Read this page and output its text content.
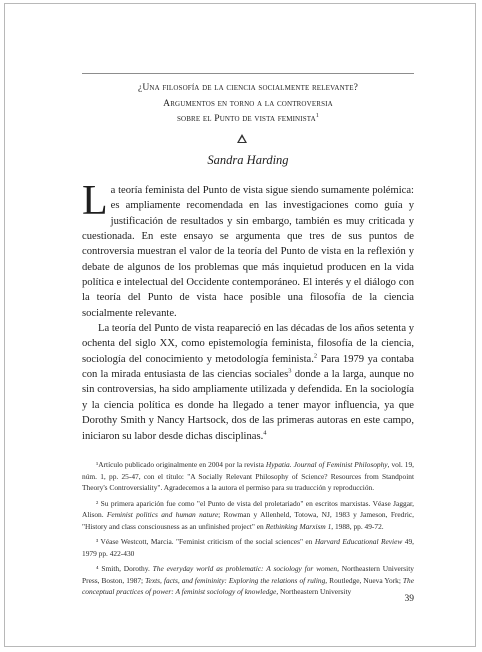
¿Una filosofía de la ciencia socialmente relevante?
Argumentos en torno a la controversia
sobre el Punto de vista feminista$^1$
Sandra Harding

La teoría feminista del Punto de vista sigue siendo sumamente polémica: es ampliamente recomendada en las investigaciones como guía y justificación de resultados y sin embargo, también es muy criticada y cuestionada. En este ensayo se argumenta que tres de sus puntos de controversia muestran el valor de la teoría del Punto de vista en la reflexión y debate de algunos de los problemas que más inquietud producen en la vida política e intelectual del Occidente contemporáneo. El interés y el diálogo con la teoría del Punto de vista hace posible una filosofía de la ciencia socialmente relevante.

La teoría del Punto de vista reapareció en las décadas de los años setenta y ochenta del siglo XX, como epistemología feminista, filosofía de la ciencia, sociología del conocimiento y metodología feminista.$^2$ Para 1979 ya contaba con la mirada entusiasta de las ciencias sociales$^3$ donde a la larga, aunque no sin controversias, ha sido ampliamente utilizada y defendida. En la sociología y la ciencia política es donde ha llegado a tener mayor influencia, ya que Dorothy Smith y Nancy Hartsock, dos de las primeras autoras en este campo, iniciaron su labor desde dichas disciplinas.$^4$

¹Artículo publicado originalmente en 2004 por la revista Hypatia. Journal of Feminist Philosophy, vol. 19, núm. 1, pp. 25-47, con el título: "A Socially Relevant Philosophy of Science? Resources from Standpoint Theory's Controversiality". Agradecemos a la autora el permiso para su traducción y reproducción.

² Su primera aparición fue como "el Punto de vista del proletariado" en escritos marxistas. Véase Jaggar, Alison. Feminist politics and human nature; Rowman y Allenheld, Totowa, NJ, 1983 y Jameson, Fredric, "History and class consciousness as an unfinished project" en Rethinking Marxism 1, 1988, pp. 49-72.

³ Véase Westcott, Marcia. "Feminist criticism of the social sciences" en Harvard Educational Review 49, 1979 pp. 422-430

⁴ Smith, Dorothy. The everyday world as problematic: A sociology for women, Northeastern University Press, Boston, 1987; Texts, facts, and femininity: Exploring the relations of ruling, Routledge, Nueva York; The conceptual practices of power: A feminist sociology of knowledge, Northeastern University

39
